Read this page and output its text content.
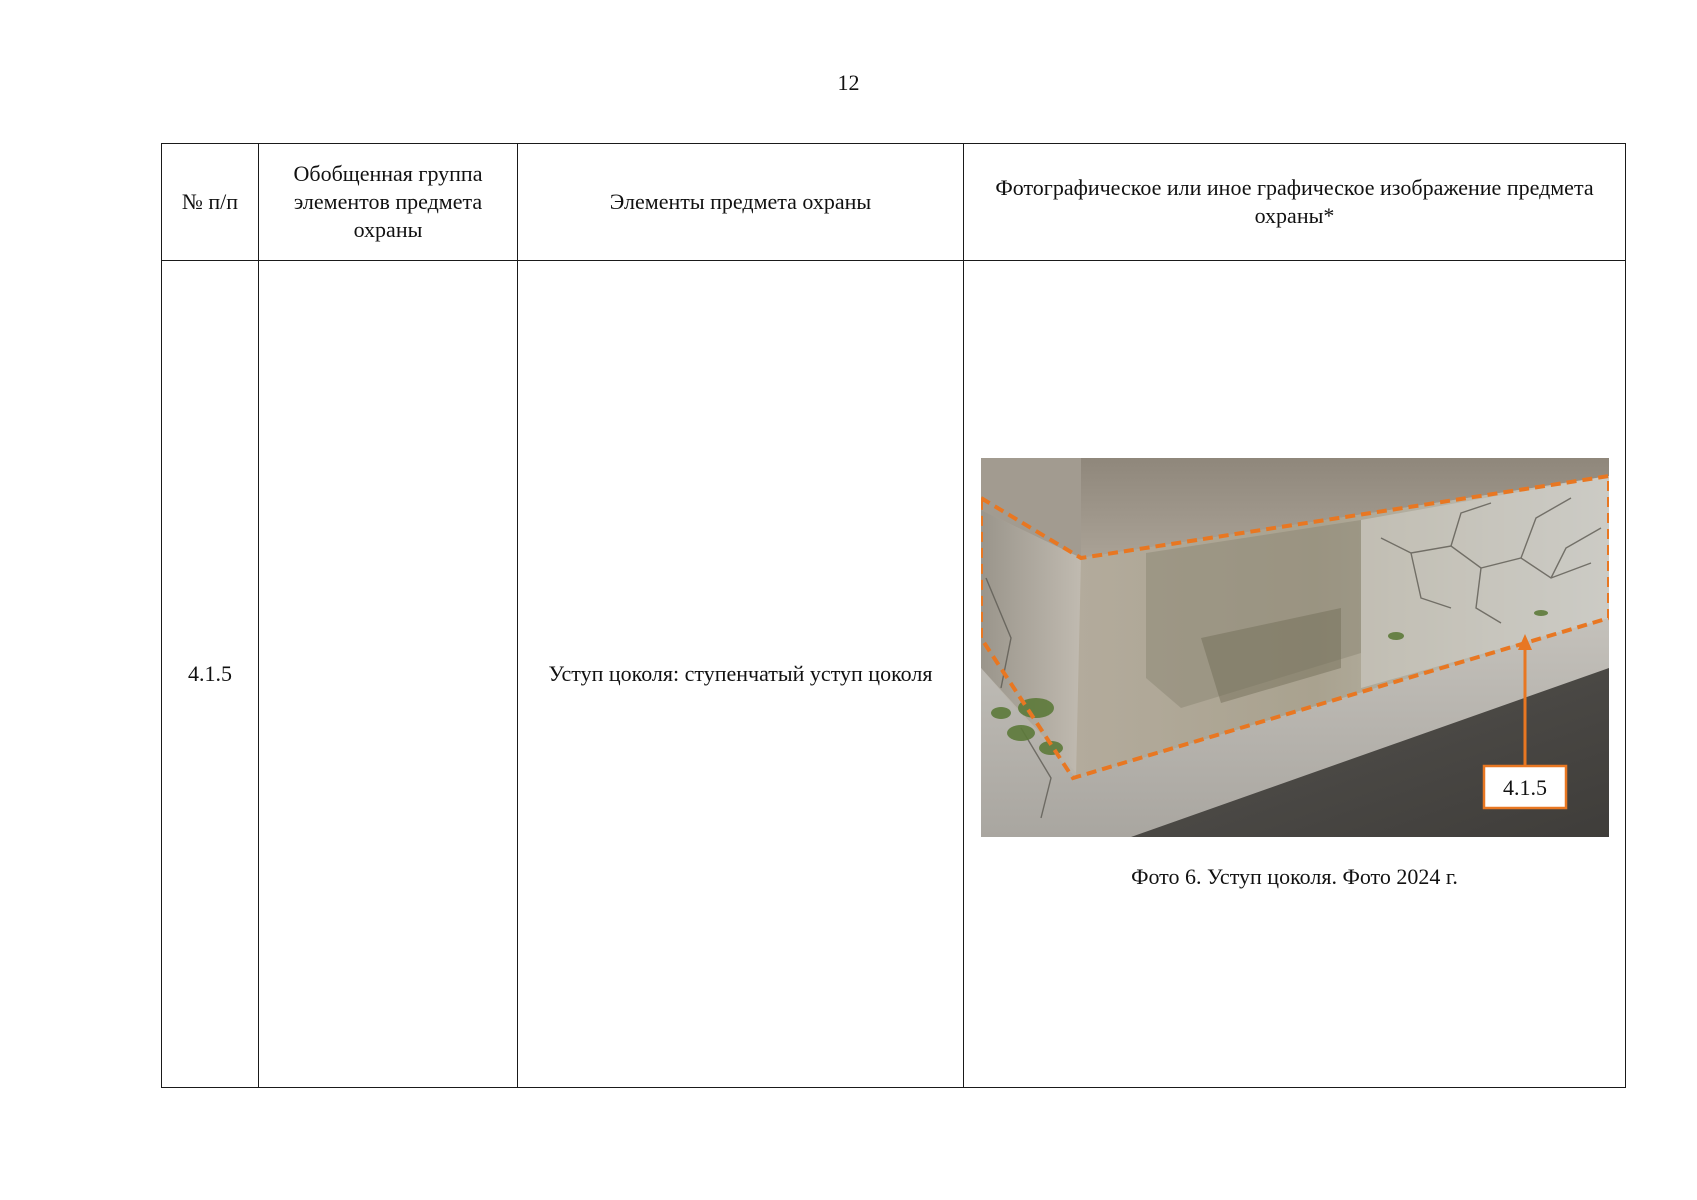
12
№ п/п	Обобщенная группа элементов предмета охраны	Элементы предмета охраны	Фотографическое или иное графическое изображение предмета охраны*
4.1.5		Уступ цоколя: ступенчатый уступ цоколя	4.1.5
Фото 6. Уступ цоколя. Фото 2024 г.
